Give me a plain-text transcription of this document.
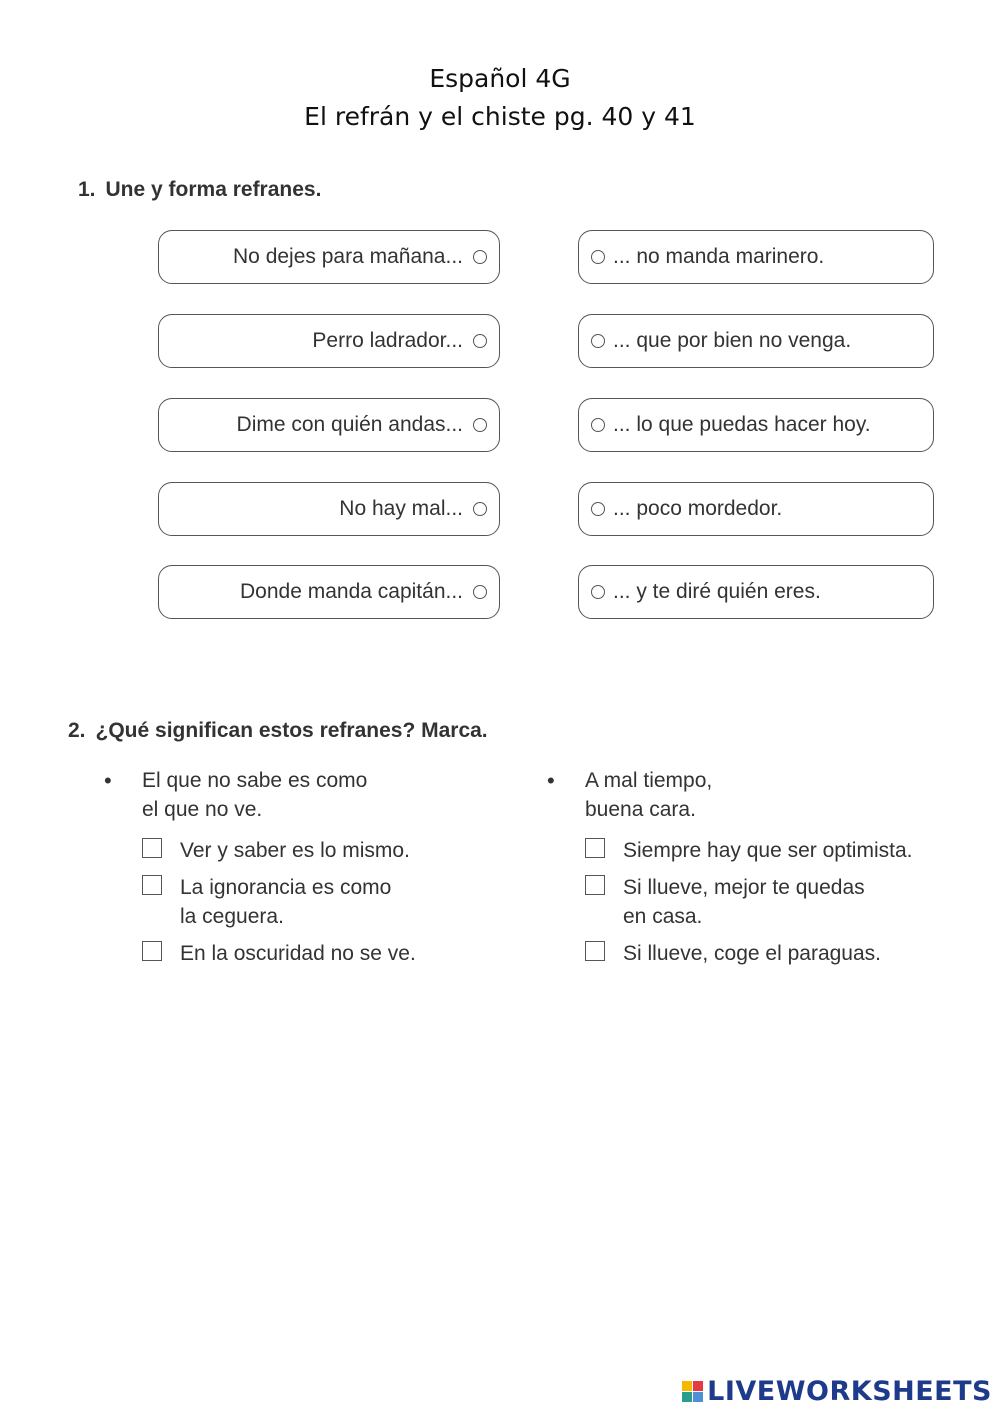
Español 4G
El refrán y el chiste pg. 40 y 41
1. Une y forma refranes.
No dejes para mañana...
Perro ladrador...
Dime con quién andas...
No hay mal...
Donde manda capitán...
... no manda marinero.
... que por bien no venga.
... lo que puedas hacer hoy.
... poco mordedor.
... y te diré quién eres.
2. ¿Qué significan estos refranes? Marca.
• El que no sabe es como
el que no ve.
Ver y saber es lo mismo.
La ignorancia es como
la ceguera.
En la oscuridad no se ve.
• A mal tiempo,
buena cara.
Siempre hay que ser optimista.
Si llueve, mejor te quedas
en casa.
Si llueve, coge el paraguas.
LIVEWORKSHEETS
